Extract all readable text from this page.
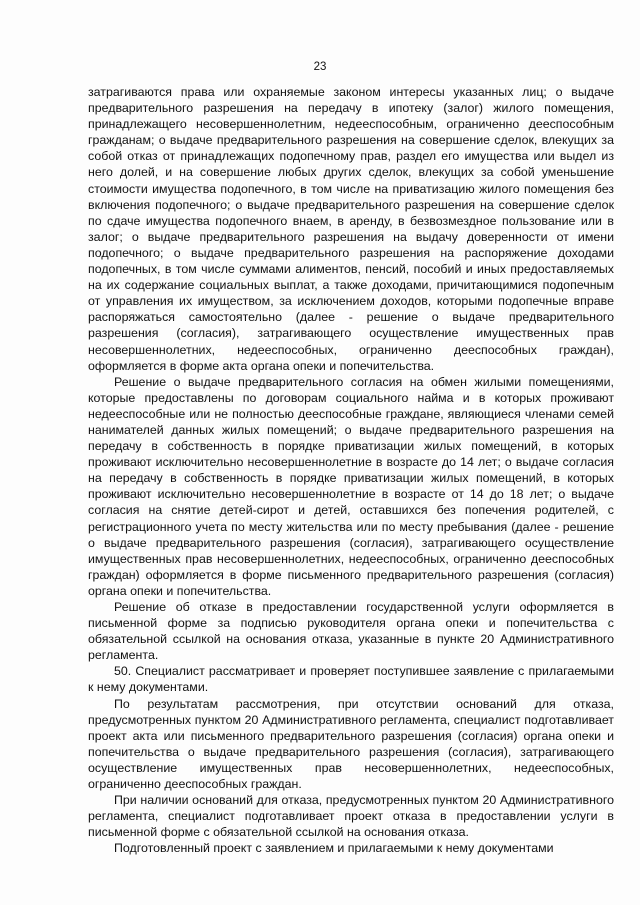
23

затрагиваются права или охраняемые законом интересы указанных лиц; о выдаче предварительного разрешения на передачу в ипотеку (залог) жилого помещения, принадлежащего несовершеннолетним, недееспособным, ограниченно дееспособным гражданам; о выдаче предварительного разрешения на совершение сделок, влекущих за собой отказ от принадлежащих подопечному прав, раздел его имущества или выдел из него долей, и на совершение любых других сделок, влекущих за собой уменьшение стоимости имущества подопечного, в том числе на приватизацию жилого помещения без включения подопечного; о выдаче предварительного разрешения на совершение сделок по сдаче имущества подопечного внаем, в аренду, в безвозмездное пользование или в залог; о выдаче предварительного разрешения на выдачу доверенности от имени подопечного; о выдаче предварительного разрешения на распоряжение доходами подопечных, в том числе суммами алиментов, пенсий, пособий и иных предоставляемых на их содержание социальных выплат, а также доходами, причитающимися подопечным от управления их имуществом, за исключением доходов, которыми подопечные вправе распоряжаться самостоятельно (далее - решение о выдаче предварительного разрешения (согласия), затрагивающего осуществление имущественных прав несовершеннолетних, недееспособных, ограниченно дееспособных граждан), оформляется в форме акта органа опеки и попечительства.

Решение о выдаче предварительного согласия на обмен жилыми помещениями, которые предоставлены по договорам социального найма и в которых проживают недееспособные или не полностью дееспособные граждане, являющиеся членами семей нанимателей данных жилых помещений; о выдаче предварительного разрешения на передачу в собственность в порядке приватизации жилых помещений, в которых проживают исключительно несовершеннолетние в возрасте до 14 лет; о выдаче согласия на передачу в собственность в порядке приватизации жилых помещений, в которых проживают исключительно несовершеннолетние в возрасте от 14 до 18 лет; о выдаче согласия на снятие детей-сирот и детей, оставшихся без попечения родителей, с регистрационного учета по месту жительства или по месту пребывания (далее - решение о выдаче предварительного разрешения (согласия), затрагивающего осуществление имущественных прав несовершеннолетних, недееспособных, ограниченно дееспособных граждан) оформляется в форме письменного предварительного разрешения (согласия) органа опеки и попечительства.

Решение об отказе в предоставлении государственной услуги оформляется в письменной форме за подписью руководителя органа опеки и попечительства с обязательной ссылкой на основания отказа, указанные в пункте 20 Административного регламента.

50. Специалист рассматривает и проверяет поступившее заявление с прилагаемыми к нему документами.

По результатам рассмотрения, при отсутствии оснований для отказа, предусмотренных пунктом 20 Административного регламента, специалист подготавливает проект акта или письменного предварительного разрешения (согласия) органа опеки и попечительства о выдаче предварительного разрешения (согласия), затрагивающего осуществление имущественных прав несовершеннолетних, недееспособных, ограниченно дееспособных граждан.

При наличии оснований для отказа, предусмотренных пунктом 20 Административного регламента, специалист подготавливает проект отказа в предоставлении услуги в письменной форме с обязательной ссылкой на основания отказа.

Подготовленный проект с заявлением и прилагаемыми к нему документами
